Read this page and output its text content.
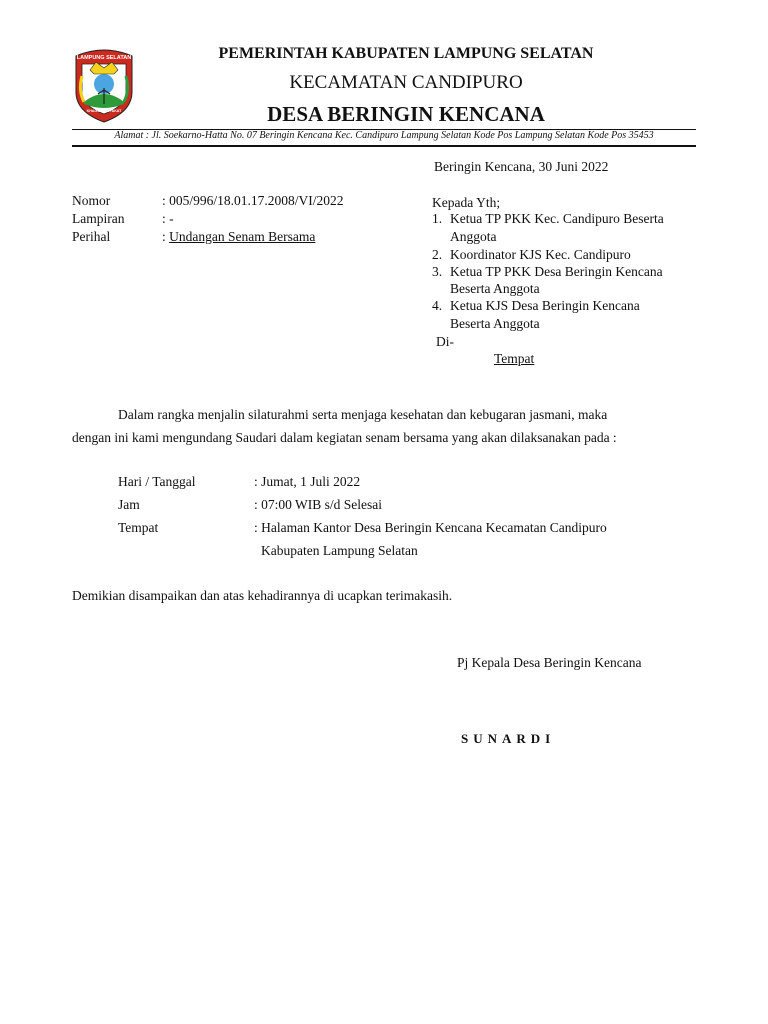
LAMPUNG SELATAN
KHAGOM MUFAKAT
PEMERINTAH KABUPATEN LAMPUNG SELATAN
KECAMATAN CANDIPURO
DESA BERINGIN KENCANA
Alamat : Jl. Soekarno-Hatta No. 07 Beringin Kencana Kec. Candipuro Lampung Selatan Kode Pos Lampung Selatan Kode Pos 35453
Beringin Kencana, 30 Juni 2022
Nomor	: 005/996/18.01.17.2008/VI/2022
Lampiran	: -
Perihal	: Undangan Senam Bersama
Kepada Yth;
1. Ketua TP PKK Kec. Candipuro Beserta
Anggota
2. Koordinator KJS Kec. Candipuro
3. Ketua TP PKK Desa Beringin Kencana
Beserta Anggota
4. Ketua KJS Desa Beringin Kencana
Beserta Anggota
Di-
Tempat
Dalam rangka menjalin silaturahmi serta menjaga kesehatan dan kebugaran jasmani, maka
dengan ini kami mengundang Saudari dalam kegiatan senam bersama yang akan dilaksanakan pada :
Hari / Tanggal	: Jumat, 1 Juli 2022
Jam	: 07:00 WIB s/d Selesai
Tempat	: Halaman Kantor Desa Beringin Kencana Kecamatan Candipuro
Kabupaten Lampung Selatan
Demikian disampaikan dan atas kehadirannya di ucapkan terimakasih.
Pj Kepala Desa Beringin Kencana
SUNARDI
